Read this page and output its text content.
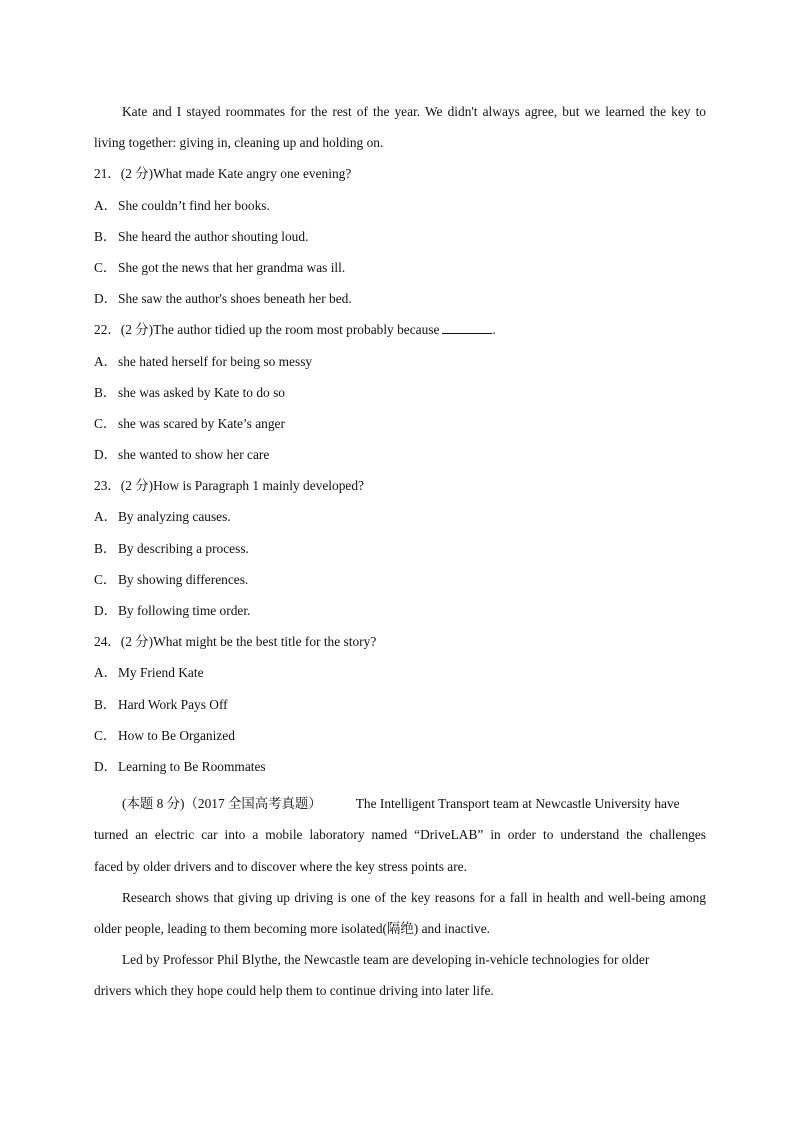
Kate and I stayed roommates for the rest of the year. We didn't always agree, but we learned the key to
living together: giving in, cleaning up and holding on.
21．(2 分)What made Kate angry one evening?
A．She couldn’t find her books.
B． She heard the author shouting loud.
C． She got the news that her grandma was ill.
D．She saw the author's shoes beneath her bed.
22．(2 分)The author tidied up the room most probably because	.
A．she hated herself for being so messy
B． she was asked by Kate to do so
C． she was scared by Kate’s anger
D．she wanted to show her care
23．(2 分)How is Paragraph 1 mainly developed?
A．By analyzing causes.
B． By describing a process.
C． By showing differences.
D．By following time order.
24．(2 分)What might be the best title for the story?
A．My Friend Kate
B． Hard Work Pays Off
C． How to Be Organized
D．Learning to Be Roommates
(本题 8 分)（2017 全国高考真题）	The Intelligent Transport team at Newcastle University have
turned an electric car into a mobile laboratory named “DriveLAB” in order to understand the challenges
faced by older drivers and to discover where the key stress points are.
Research shows that giving up driving is one of the key reasons for a fall in health and well-being among
older people, leading to them becoming more isolated(隔绝) and inactive.
Led by Professor Phil Blythe, the Newcastle team are developing in-vehicle technologies for older
drivers which they hope could help them to continue driving into later life.
